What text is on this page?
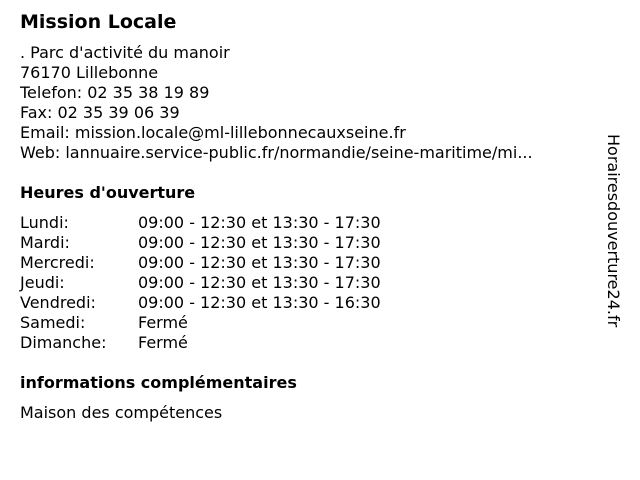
Mission Locale
. Parc d'activité du manoir
76170 Lillebonne
Telefon: 02 35 38 19 89
Fax: 02 35 39 06 39
Email: mission.locale@ml-lillebonnecauxseine.fr
Web: lannuaire.service-public.fr/normandie/seine-maritime/mi...
Heures d'ouverture
Lundi:	09:00 - 12:30 et 13:30 - 17:30
Mardi:	09:00 - 12:30 et 13:30 - 17:30
Mercredi:	09:00 - 12:30 et 13:30 - 17:30
Jeudi:	09:00 - 12:30 et 13:30 - 17:30
Vendredi:	09:00 - 12:30 et 13:30 - 16:30
Samedi:	Fermé
Dimanche: Fermé
informations complémentaires
Maison des compétences
Horairesdouverture24.fr
